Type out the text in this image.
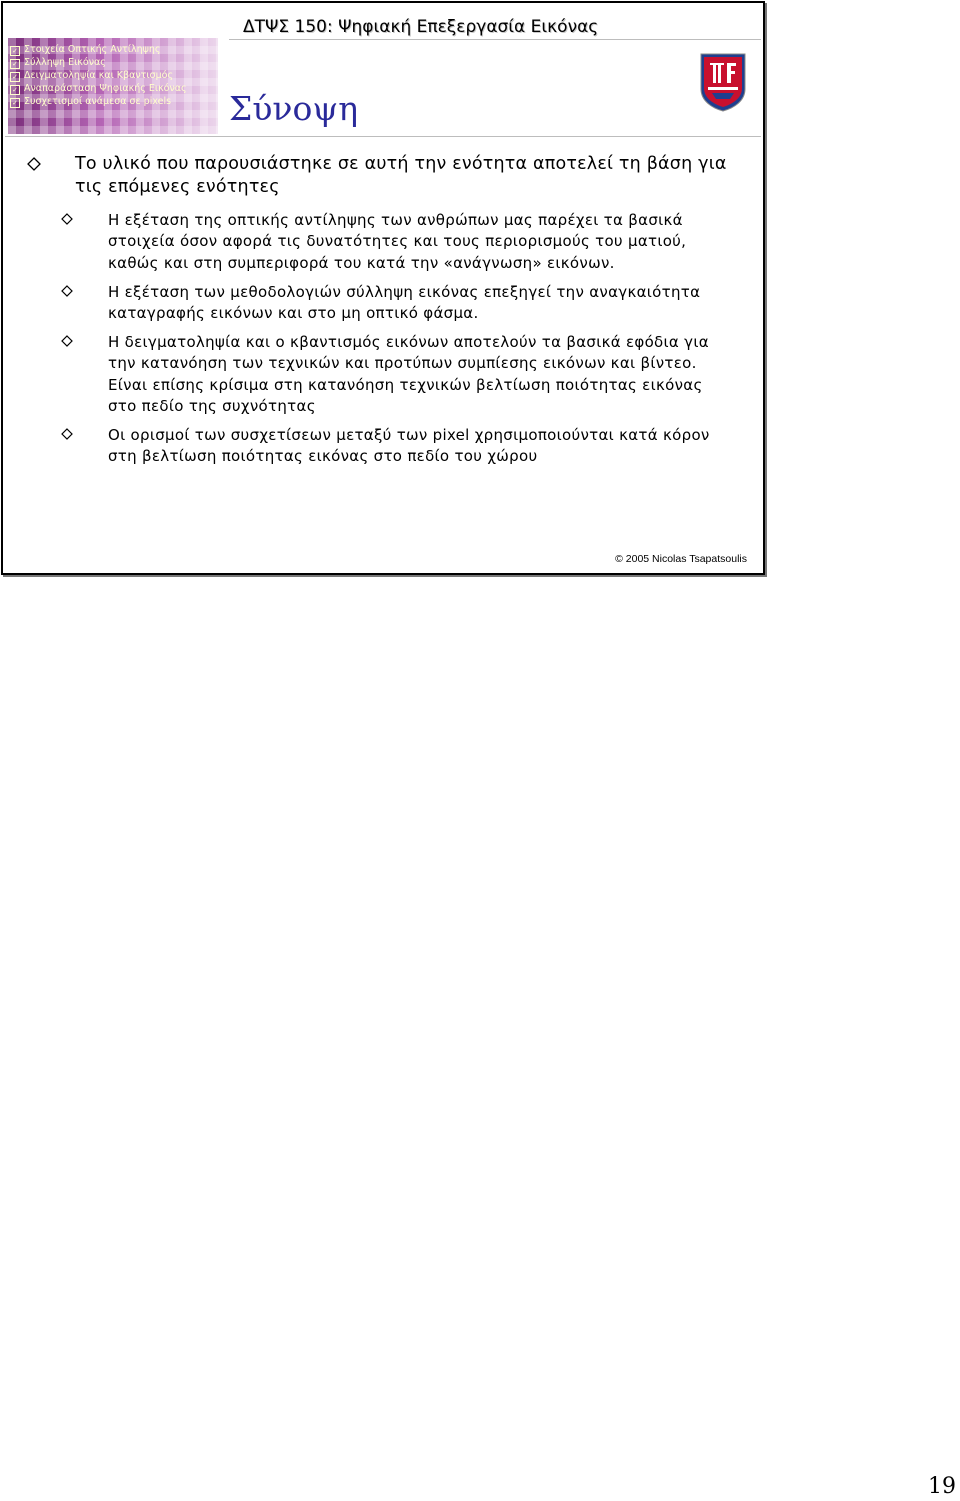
ΔΤΨΣ 150: Ψηφιακή Επεξεργασία Εικόνας
✓ Στοιχεία Οπτικής Αντίληψης
✓ Σύλληψη Εικόνας
✓ Δειγματοληψία και Κβαντισμός
✓ Αναπαράσταση Ψηφιακής Εικόνας
✓ Συσχετισμοί ανάμεσα σε pixels	Σύνοψη
Το υλικό που παρουσιάστηκε σε αυτή την ενότητα αποτελεί τη βάση για τις επόμενες ενότητες
Η εξέταση της οπτικής αντίληψης των ανθρώπων μας παρέχει τα βασικά στοιχεία όσον αφορά τις δυνατότητες και τους περιορισμούς του ματιού, καθώς και στη συμπεριφορά του κατά την «ανάγνωση» εικόνων.
Η εξέταση των μεθοδολογιών σύλληψη εικόνας επεξηγεί την αναγκαιότητα καταγραφής εικόνων και στο μη οπτικό φάσμα.
Η δειγματοληψία και ο κβαντισμός εικόνων αποτελούν τα βασικά εφόδια για την κατανόηση των τεχνικών και προτύπων συμπίεσης εικόνων και βίντεο. Είναι επίσης κρίσιμα στη κατανόηση τεχνικών βελτίωση ποιότητας εικόνας στο πεδίο της συχνότητας
Οι ορισμοί των συσχετίσεων μεταξύ των pixel χρησιμοποιούνται κατά κόρον στη βελτίωση ποιότητας εικόνας στο πεδίο του χώρου
© 2005 Nicolas Tsapatsoulis
19
